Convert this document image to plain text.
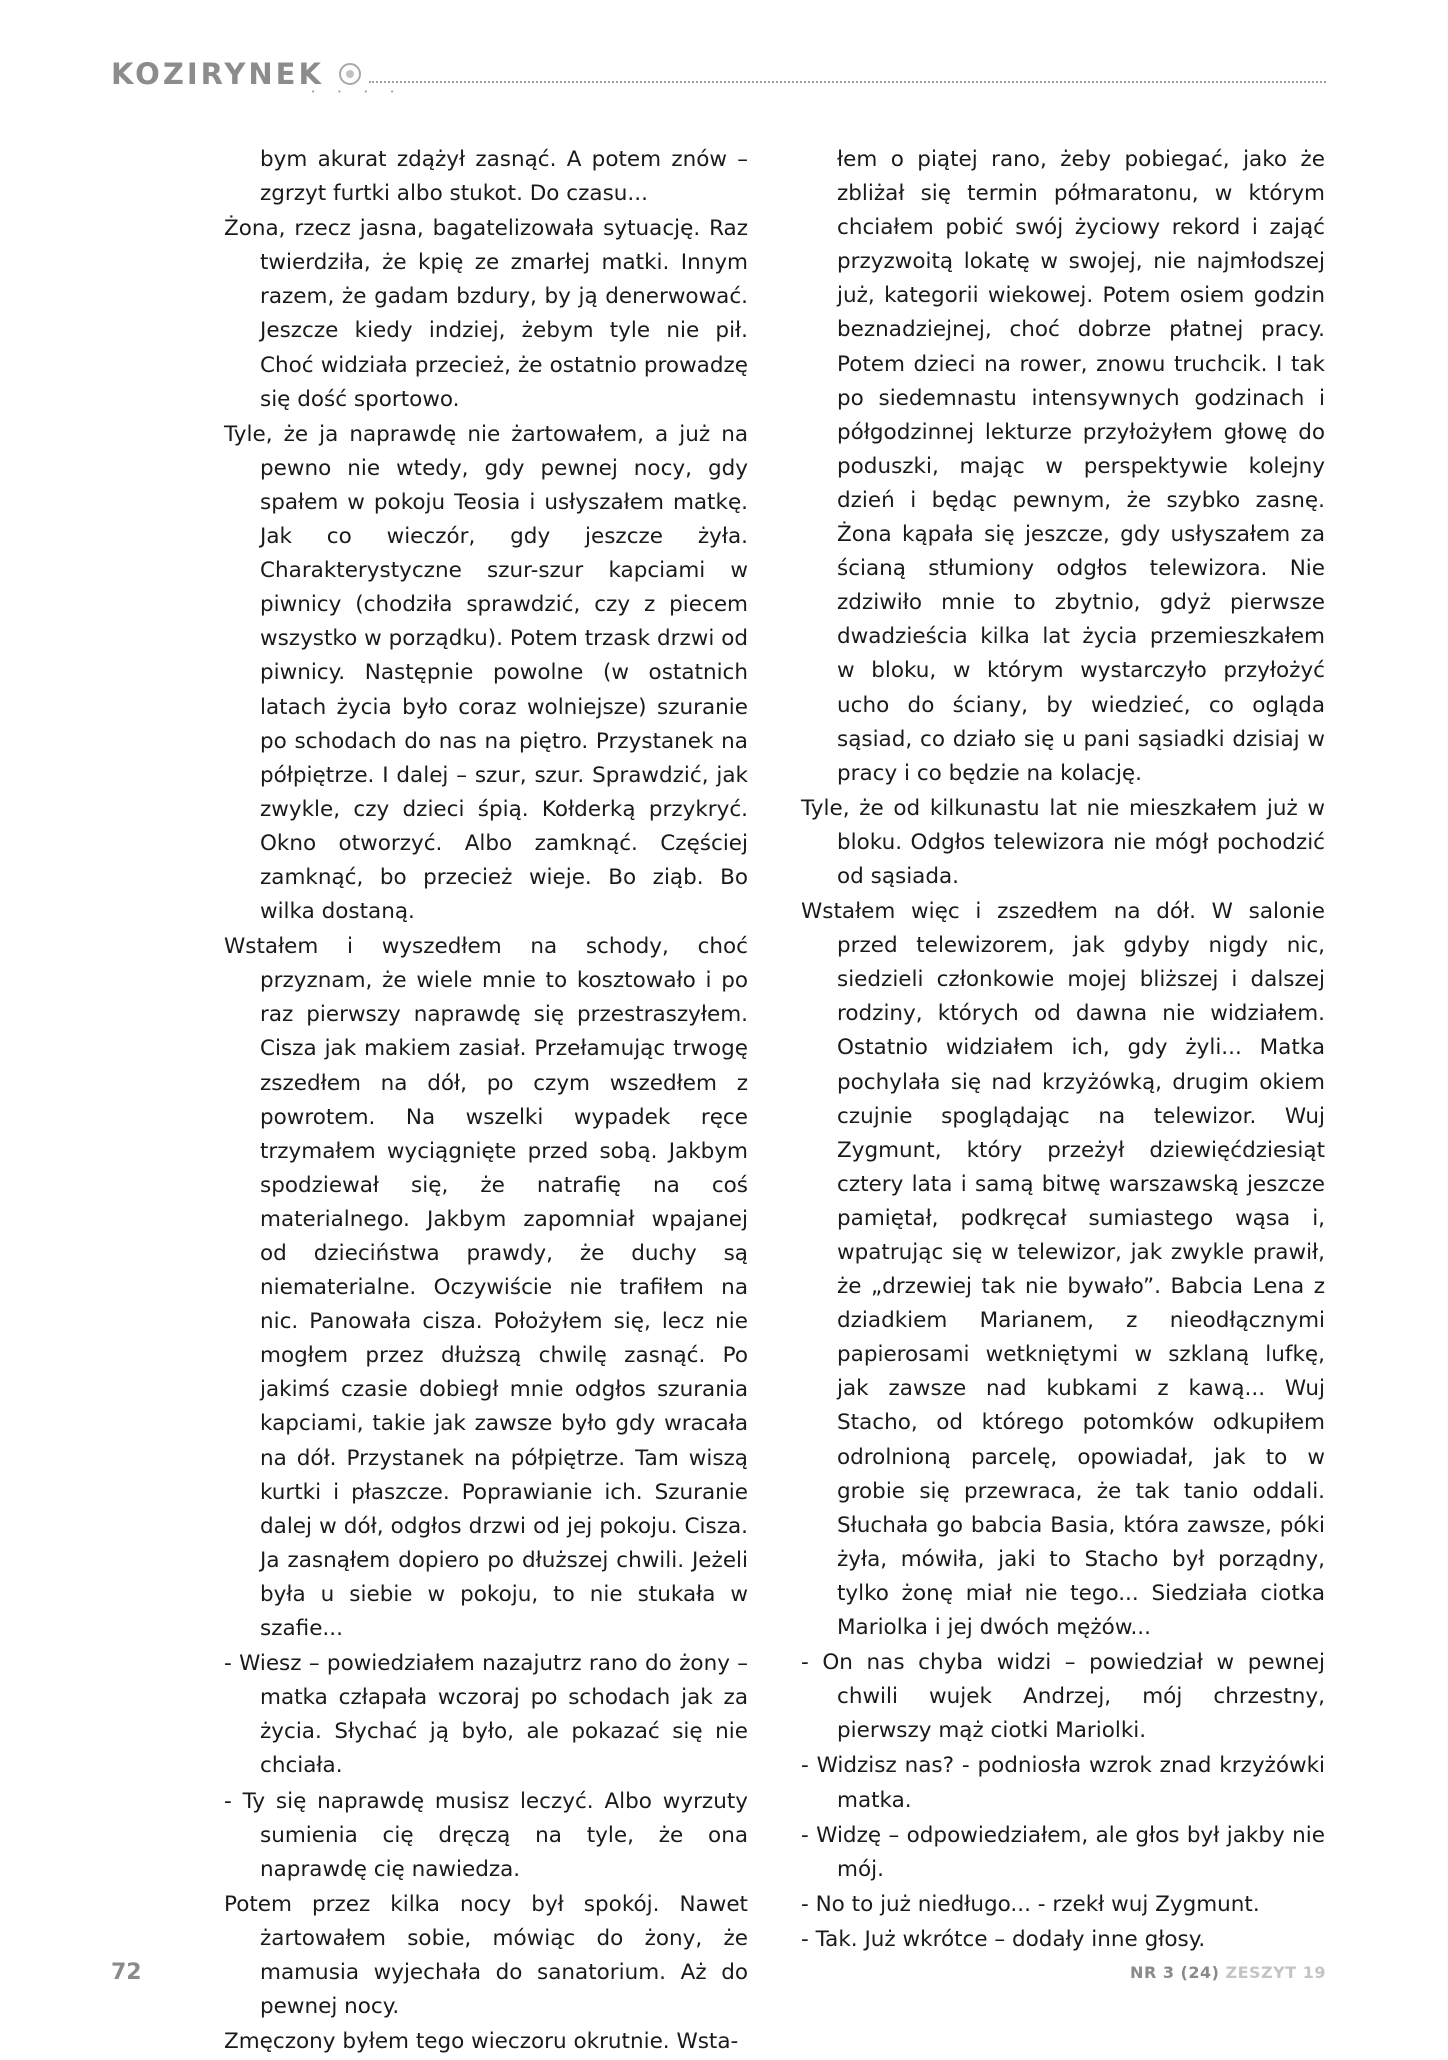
KOZIRYNEK
• • • •

bym akurat zdążył zasnąć. A potem znów – zgrzyt furtki albo stukot. Do czasu...

Żona, rzecz jasna, bagatelizowała sytuację. Raz twierdziła, że kpię ze zmarłej matki. Innym razem, że gadam bzdury, by ją denerwować. Jeszcze kiedy indziej, żebym tyle nie pił. Choć widziała przecież, że ostatnio prowadzę się dość sportowo.

Tyle, że ja naprawdę nie żartowałem, a już na pewno nie wtedy, gdy pewnej nocy, gdy spałem w pokoju Teosia i usłyszałem matkę. Jak co wieczór, gdy jeszcze żyła. Charakterystyczne szur-szur kapciami w piwnicy (chodziła sprawdzić, czy z piecem wszystko w porządku). Potem trzask drzwi od piwnicy. Następnie powolne (w ostatnich latach życia było coraz wolniejsze) szuranie po schodach do nas na piętro. Przystanek na półpiętrze. I dalej – szur, szur. Sprawdzić, jak zwykle, czy dzieci śpią. Kołderką przykryć. Okno otworzyć. Albo zamknąć. Częściej zamknąć, bo przecież wieje. Bo ziąb. Bo wilka dostaną.

Wstałem i wyszedłem na schody, choć przyznam, że wiele mnie to kosztowało i po raz pierwszy naprawdę się przestraszyłem. Cisza jak makiem zasiał. Przełamując trwogę zszedłem na dół, po czym wszedłem z powrotem. Na wszelki wypadek ręce trzymałem wyciągnięte przed sobą. Jakbym spodziewał się, że natrafię na coś materialnego. Jakbym zapomniał wpajanej od dzieciństwa prawdy, że duchy są niematerialne. Oczywiście nie trafiłem na nic. Panowała cisza. Położyłem się, lecz nie mogłem przez dłuższą chwilę zasnąć. Po jakimś czasie dobiegł mnie odgłos szurania kapciami, takie jak zawsze było gdy wracała na dół. Przystanek na półpiętrze. Tam wiszą kurtki i płaszcze. Poprawianie ich. Szuranie dalej w dół, odgłos drzwi od jej pokoju. Cisza. Ja zasnąłem dopiero po dłuższej chwili. Jeżeli była u siebie w pokoju, to nie stukała w szafie...

- Wiesz – powiedziałem nazajutrz rano do żony – matka człapała wczoraj po schodach jak za życia. Słychać ją było, ale pokazać się nie chciała.

- Ty się naprawdę musisz leczyć. Albo wyrzuty sumienia cię dręczą na tyle, że ona naprawdę cię nawiedza.

Potem przez kilka nocy był spokój. Nawet żartowałem sobie, mówiąc do żony, że mamusia wyjechała do sanatorium. Aż do pewnej nocy.

Zmęczony byłem tego wieczoru okrutnie. Wsta-

łem o piątej rano, żeby pobiegać, jako że zbliżał się termin półmaratonu, w którym chciałem pobić swój życiowy rekord i zająć przyzwoitą lokatę w swojej, nie najmłodszej już, kategorii wiekowej. Potem osiem godzin beznadziejnej, choć dobrze płatnej pracy. Potem dzieci na rower, znowu truchcik. I tak po siedemnastu intensywnych godzinach i półgodzinnej lekturze przyłożyłem głowę do poduszki, mając w perspektywie kolejny dzień i będąc pewnym, że szybko zasnę. Żona kąpała się jeszcze, gdy usłyszałem za ścianą stłumiony odgłos telewizora. Nie zdziwiło mnie to zbytnio, gdyż pierwsze dwadzieścia kilka lat życia przemieszkałem w bloku, w którym wystarczyło przyłożyć ucho do ściany, by wiedzieć, co ogląda sąsiad, co działo się u pani sąsiadki dzisiaj w pracy i co będzie na kolację.

Tyle, że od kilkunastu lat nie mieszkałem już w bloku. Odgłos telewizora nie mógł pochodzić od sąsiada.

Wstałem więc i zszedłem na dół. W salonie przed telewizorem, jak gdyby nigdy nic, siedzieli członkowie mojej bliższej i dalszej rodziny, których od dawna nie widziałem. Ostatnio widziałem ich, gdy żyli... Matka pochylała się nad krzyżówką, drugim okiem czujnie spoglądając na telewizor. Wuj Zygmunt, który przeżył dziewięćdziesiąt cztery lata i samą bitwę warszawską jeszcze pamiętał, podkręcał sumiastego wąsa i, wpatrując się w telewizor, jak zwykle prawił, że „drzewiej tak nie bywało”. Babcia Lena z dziadkiem Marianem, z nieodłącznymi papierosami wetkniętymi w szklaną lufkę, jak zawsze nad kubkami z kawą... Wuj Stacho, od którego potomków odkupiłem odrolnioną parcelę, opowiadał, jak to w grobie się przewraca, że tak tanio oddali. Słuchała go babcia Basia, która zawsze, póki żyła, mówiła, jaki to Stacho był porządny, tylko żonę miał nie tego... Siedziała ciotka Mariolka i jej dwóch mężów...

- On nas chyba widzi – powiedział w pewnej chwili wujek Andrzej, mój chrzestny, pierwszy mąż ciotki Mariolki.

- Widzisz nas? - podniosła wzrok znad krzyżówki matka.

- Widzę – odpowiedziałem, ale głos był jakby nie mój.

- No to już niedługo... - rzekł wuj Zygmunt.

- Tak. Już wkrótce – dodały inne głosy.

72	NR 3 (24) ZESZYT 19
